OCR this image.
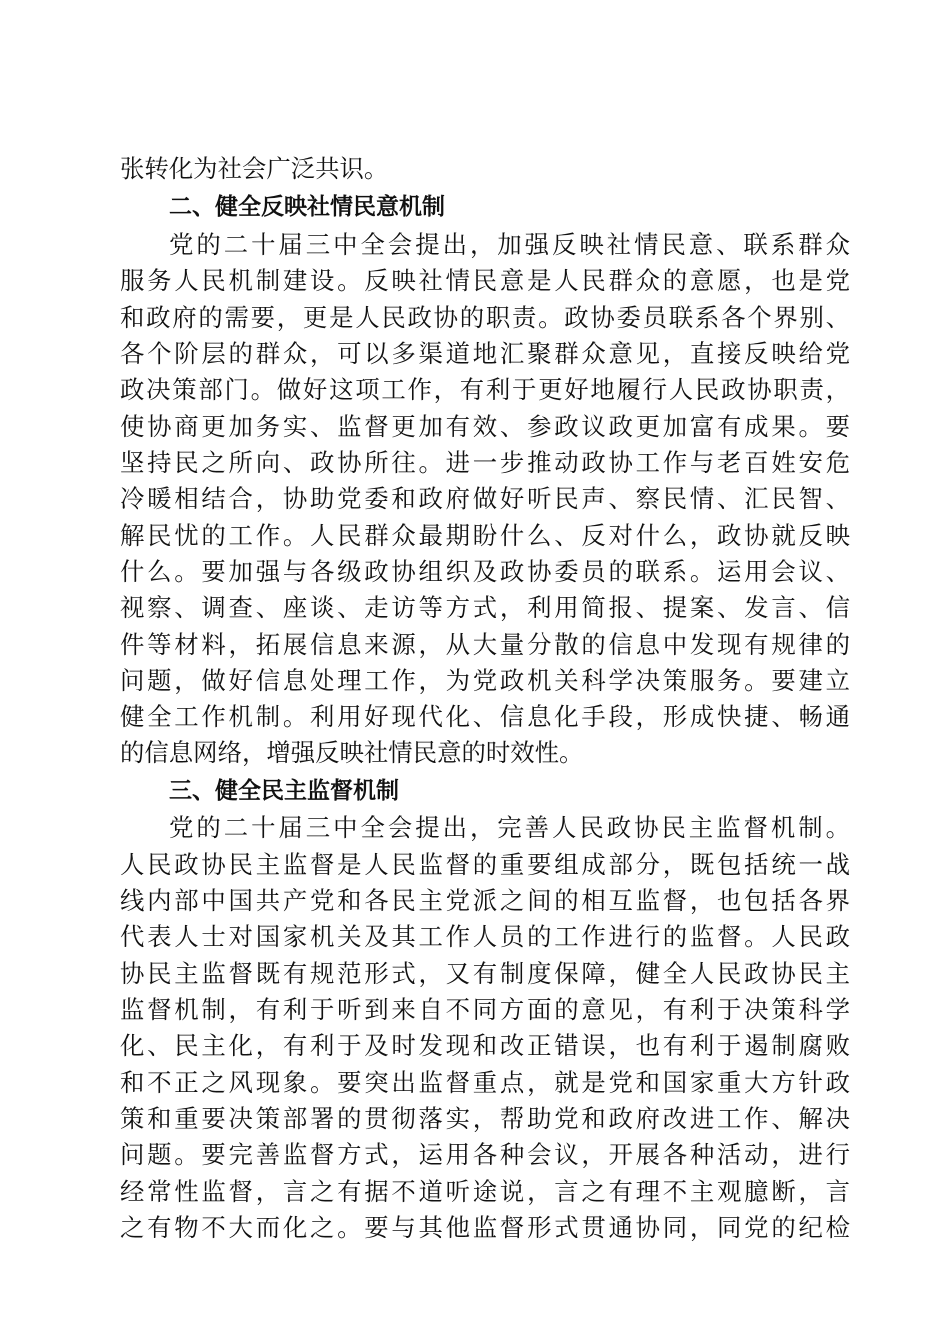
张转化为社会广泛共识。
二、健全反映社情民意机制
党的二十届三中全会提出，加强反映社情民意、联系群众
服务人民机制建设。反映社情民意是人民群众的意愿，也是党
和政府的需要，更是人民政协的职责。政协委员联系各个界别、
各个阶层的群众，可以多渠道地汇聚群众意见，直接反映给党
政决策部门。做好这项工作，有利于更好地履行人民政协职责，
使协商更加务实、监督更加有效、参政议政更加富有成果。要
坚持民之所向、政协所往。进一步推动政协工作与老百姓安危
冷暖相结合，协助党委和政府做好听民声、察民情、汇民智、
解民忧的工作。人民群众最期盼什么、反对什么，政协就反映
什么。要加强与各级政协组织及政协委员的联系。运用会议、
视察、调查、座谈、走访等方式，利用简报、提案、发言、信
件等材料，拓展信息来源，从大量分散的信息中发现有规律的
问题，做好信息处理工作，为党政机关科学决策服务。要建立
健全工作机制。利用好现代化、信息化手段，形成快捷、畅通
的信息网络，增强反映社情民意的时效性。
三、健全民主监督机制
党的二十届三中全会提出，完善人民政协民主监督机制。
人民政协民主监督是人民监督的重要组成部分，既包括统一战
线内部中国共产党和各民主党派之间的相互监督，也包括各界
代表人士对国家机关及其工作人员的工作进行的监督。人民政
协民主监督既有规范形式，又有制度保障，健全人民政协民主
监督机制，有利于听到来自不同方面的意见，有利于决策科学
化、民主化，有利于及时发现和改正错误，也有利于遏制腐败
和不正之风现象。要突出监督重点，就是党和国家重大方针政
策和重要决策部署的贯彻落实，帮助党和政府改进工作、解决
问题。要完善监督方式，运用各种会议，开展各种活动，进行
经常性监督，言之有据不道听途说，言之有理不主观臆断，言
之有物不大而化之。要与其他监督形式贯通协同，同党的纪检
